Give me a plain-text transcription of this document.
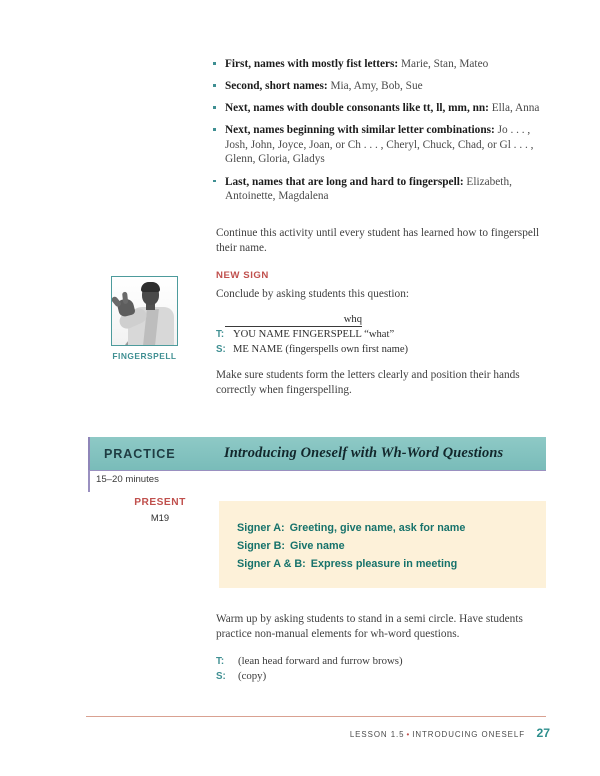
First, names with mostly fist letters: Marie, Stan, Mateo
Second, short names: Mia, Amy, Bob, Sue
Next, names with double consonants like tt, ll, mm, nn: Ella, Anna
Next, names beginning with similar letter combinations: Jo . . . , Josh, John, Joyce, Joan, or Ch . . . , Cheryl, Chuck, Chad, or Gl . . . , Glenn, Gloria, Gladys
Last, names that are long and hard to fingerspell: Elizabeth, Antoinette, Magdalena
Continue this activity until every student has learned how to fingerspell their name.
NEW SIGN
Conclude by asking students this question:
whq
T: YOU NAME FINGERSPELL “what”
S: ME NAME (fingerspells own first name)
Make sure students form the letters clearly and position their hands correctly when fingerspelling.
FINGERSPELL
PRACTICE	Introducing Oneself with Wh-Word Questions
15–20 minutes
PRESENT
M19
Signer A: Greeting, give name, ask for name
Signer B: Give name
Signer A & B: Express pleasure in meeting
Warm up by asking students to stand in a semi circle. Have students practice non-manual elements for wh-word questions.
T:	(lean head forward and furrow brows)
S:	(copy)
LESSON 1.5 • INTRODUCING ONESELF 27
